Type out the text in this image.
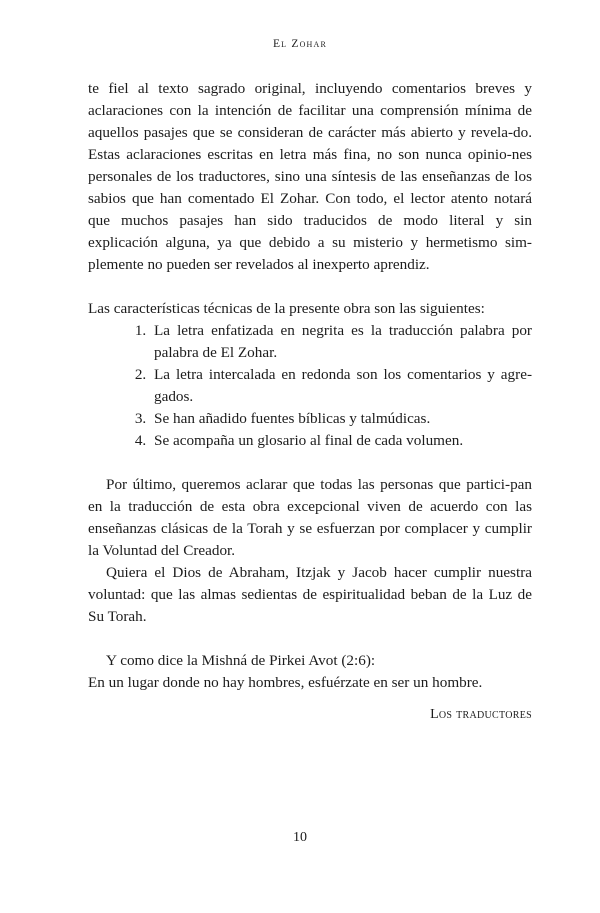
El Zohar

te fiel al texto sagrado original, incluyendo comentarios breves y aclaraciones con la intención de facilitar una comprensión mínima de aquellos pasajes que se consideran de carácter más abierto y revela-do. Estas aclaraciones escritas en letra más fina, no son nunca opinio-nes personales de los traductores, sino una síntesis de las enseñanzas de los sabios que han comentado El Zohar. Con todo, el lector atento notará que muchos pasajes han sido traducidos de modo literal y sin explicación alguna, ya que debido a su misterio y hermetismo sim-plemente no pueden ser revelados al inexperto aprendiz.

Las características técnicas de la presente obra son las siguientes:

1. La letra enfatizada en negrita es la traducción palabra por palabra de El Zohar.
2. La letra intercalada en redonda son los comentarios y agre-gados.
3. Se han añadido fuentes bíblicas y talmúdicas.
4. Se acompaña un glosario al final de cada volumen.

Por último, queremos aclarar que todas las personas que partici-pan en la traducción de esta obra excepcional viven de acuerdo con las enseñanzas clásicas de la Torah y se esfuerzan por complacer y cumplir la Voluntad del Creador.

Quiera el Dios de Abraham, Itzjak y Jacob hacer cumplir nuestra voluntad: que las almas sedientas de espiritualidad beban de la Luz de Su Torah.

Y como dice la Mishná de Pirkei Avot (2:6):

En un lugar donde no hay hombres, esfuérzate en ser un hombre.

Los traductores
10
